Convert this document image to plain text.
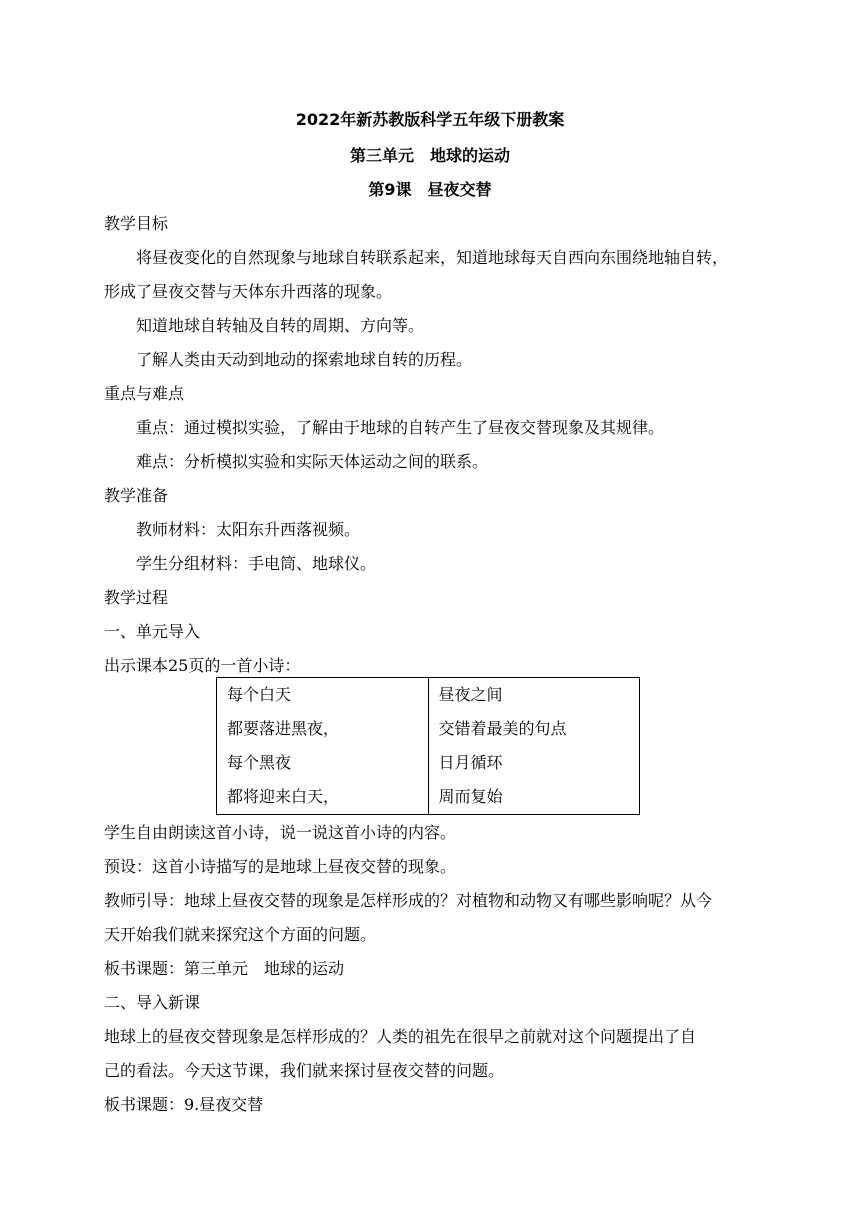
2022年新苏教版科学五年级下册教案
第三单元　地球的运动
第9课　昼夜交替
教学目标
将昼夜变化的自然现象与地球自转联系起来，知道地球每天自西向东围绕地轴自转，
形成了昼夜交替与天体东升西落的现象。
知道地球自转轴及自转的周期、方向等。
了解人类由天动到地动的探索地球自转的历程。
重点与难点
重点：通过模拟实验，了解由于地球的自转产生了昼夜交替现象及其规律。
难点：分析模拟实验和实际天体运动之间的联系。
教学准备
教师材料：太阳东升西落视频。
学生分组材料：手电筒、地球仪。
教学过程
一、单元导入
出示课本25页的一首小诗：
每个白天	昼夜之间
都要落进黑夜，	交错着最美的句点
每个黑夜	日月循环
都将迎来白天，	周而复始
学生自由朗读这首小诗，说一说这首小诗的内容。
预设：这首小诗描写的是地球上昼夜交替的现象。
教师引导：地球上昼夜交替的现象是怎样形成的？对植物和动物又有哪些影响呢？从今
天开始我们就来探究这个方面的问题。
板书课题：第三单元　地球的运动
二、导入新课
地球上的昼夜交替现象是怎样形成的？人类的祖先在很早之前就对这个问题提出了自
己的看法。今天这节课，我们就来探讨昼夜交替的问题。
板书课题：9.昼夜交替
